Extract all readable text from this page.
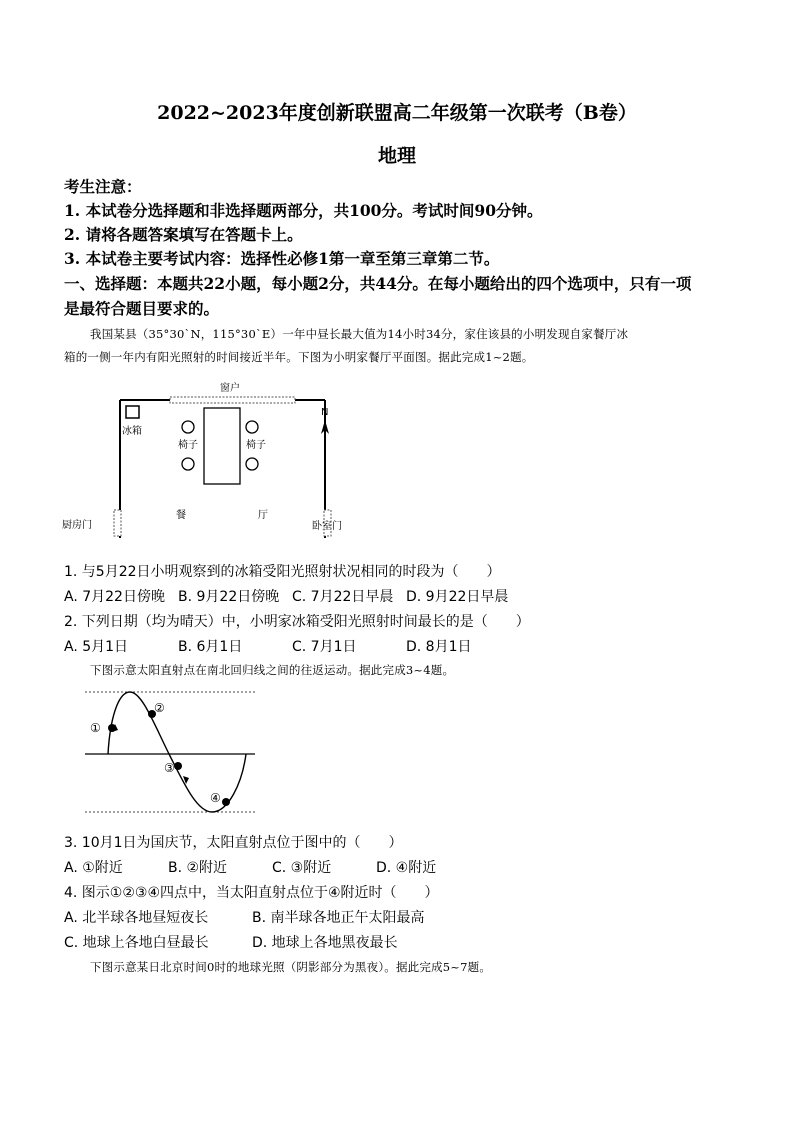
2022~2023年度创新联盟高二年级第一次联考（B卷）
地理
考生注意：
1. 本试卷分选择题和非选择题两部分，共100分。考试时间90分钟。
2. 请将各题答案填写在答题卡上。
3. 本试卷主要考试内容：选择性必修1第一章至第三章第二节。
一、选择题：本题共22小题，每小题2分，共44分。在每小题给出的四个选项中，只有一项
是最符合题目要求的。
我国某县（35°30`N，115°30`E）一年中昼长最大值为14小时34分，家住该县的小明发现自家餐厅冰
箱的一侧一年内有阳光照射的时间接近半年。下图为小明家餐厅平面图。据此完成1~2题。
窗户
冰箱
椅子	椅子
N
餐	厅
厨房门	卧室门
1. 与5月22日小明观察到的冰箱受阳光照射状况相同的时段为（　　）
A. 7月22日傍晚 B. 9月22日傍晚 C. 7月22日早晨 D. 9月22日早晨
2. 下列日期（均为晴天）中，小明家冰箱受阳光照射时间最长的是（　　）
A. 5月1日	B. 6月1日	C. 7月1日	D. 8月1日
下图示意太阳直射点在南北回归线之间的往返运动。据此完成3~4题。
①
②
③
④
3. 10月1日为国庆节，太阳直射点位于图中的（　　）
A. ①附近	B. ②附近	C. ③附近	D. ④附近
4. 图示①②③④四点中，当太阳直射点位于④附近时（　　）
A. 北半球各地昼短夜长	B. 南半球各地正午太阳最高
C. 地球上各地白昼最长	D. 地球上各地黑夜最长
下图示意某日北京时间0时的地球光照（阴影部分为黑夜）。据此完成5~7题。
